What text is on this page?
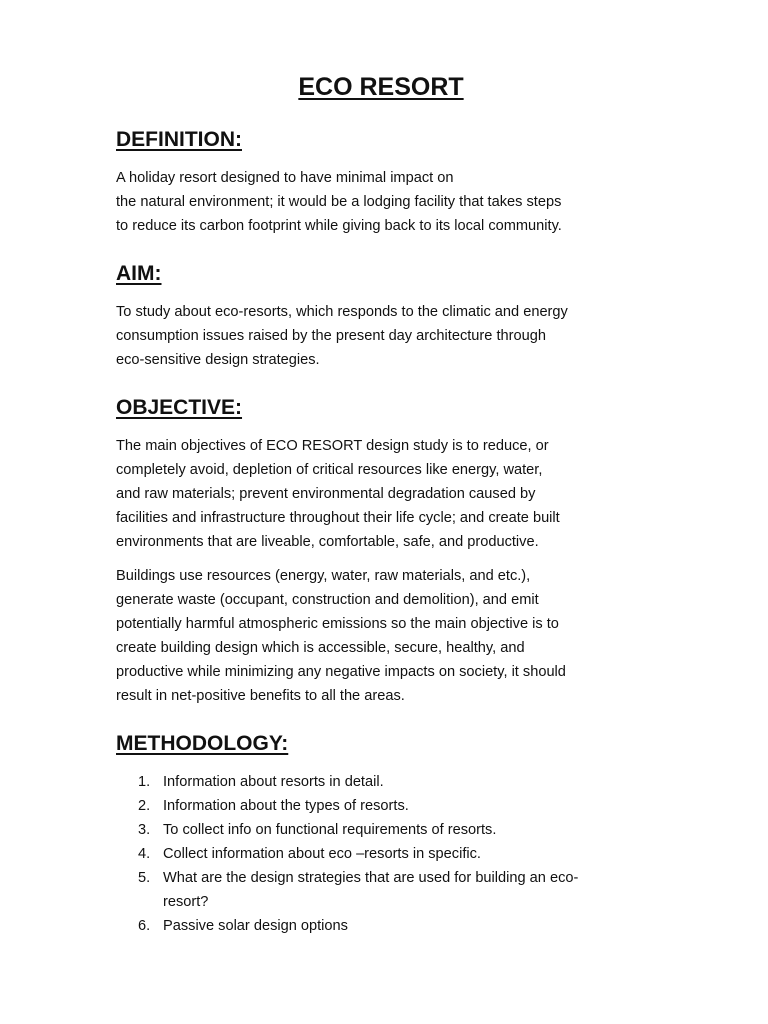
ECO RESORT
DEFINITION:

A holiday resort designed to have minimal impact on
the natural environment; it would be a lodging facility that takes steps
to reduce its carbon footprint while giving back to its local community.

AIM:

To study about eco-resorts, which responds to the climatic and energy
consumption issues raised by the present day architecture through
eco-sensitive design strategies.

OBJECTIVE:

The main objectives of ECO RESORT design study is to reduce, or
completely avoid, depletion of critical resources like energy, water,
and raw materials; prevent environmental degradation caused by
facilities and infrastructure throughout their life cycle; and create built
environments that are liveable, comfortable, safe, and productive.

Buildings use resources (energy, water, raw materials, and etc.),
generate waste (occupant, construction and demolition), and emit
potentially harmful atmospheric emissions so the main objective is to
create building design which is accessible, secure, healthy, and
productive while minimizing any negative impacts on society, it should
result in net-positive benefits to all the areas.

METHODOLOGY:
1. Information about resorts in detail.
2. Information about the types of resorts.
3. To collect info on functional requirements of resorts.
4. Collect information about eco –resorts in specific.
5. What are the design strategies that are used for building an eco-
resort?
6. Passive solar design options
